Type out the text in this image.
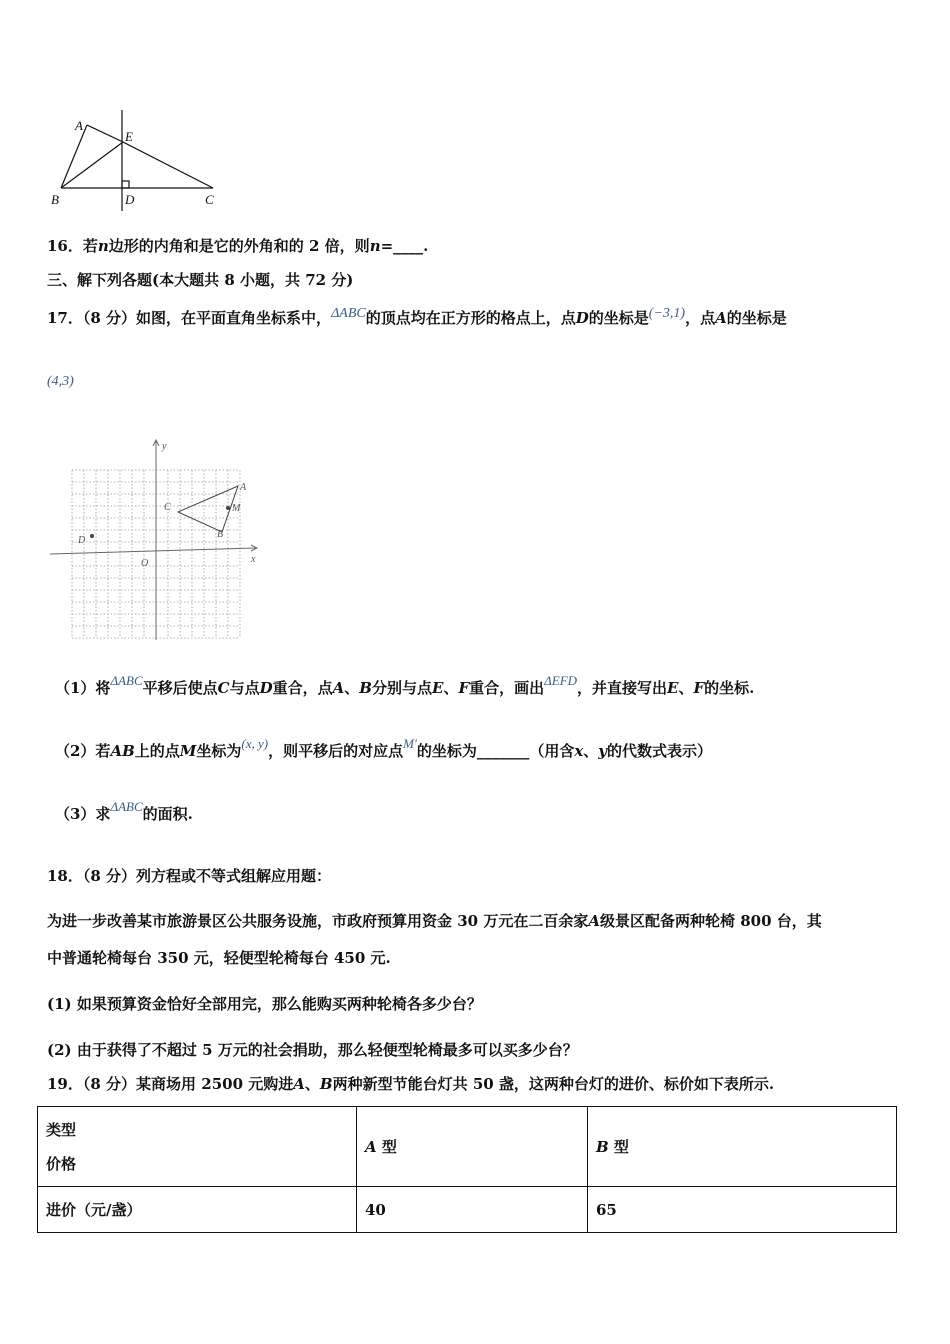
A
E
B	D	C
16．若n边形的内角和是它的外角和的 2 倍，则n=____.
三、解下列各题(本大题共 8 小题，共 72 分)
17．（8 分）如图，在平面直角坐标系中，ΔABC的顶点均在正方形的格点上，点D的坐标是(−3,1)，点A的坐标是
(4,3)
y
x
O
A
B
C
D
M
（1）将ΔABC平移后使点C与点D重合，点A、B分别与点E、F重合，画出ΔEFD，并直接写出E、F的坐标.
（2）若AB上的点M坐标为(x, y)，则平移后的对应点M′的坐标为_______（用含x、y的代数式表示）
（3）求ΔABC的面积.
18．（8 分）列方程或不等式组解应用题：
为进一步改善某市旅游景区公共服务设施，市政府预算用资金 30 万元在二百余家A级景区配备两种轮椅 800 台，其
中普通轮椅每台 350 元，轻便型轮椅每台 450 元.
(1) 如果预算资金恰好全部用完，那么能购买两种轮椅各多少台？
(2) 由于获得了不超过 5 万元的社会捐助，那么轻便型轮椅最多可以买多少台？
19．（8 分）某商场用 2500 元购进A、B两种新型节能台灯共 50 盏，这两种台灯的进价、标价如下表所示.
类型
价格	A 型	B 型
进价（元/盏）	40	65
